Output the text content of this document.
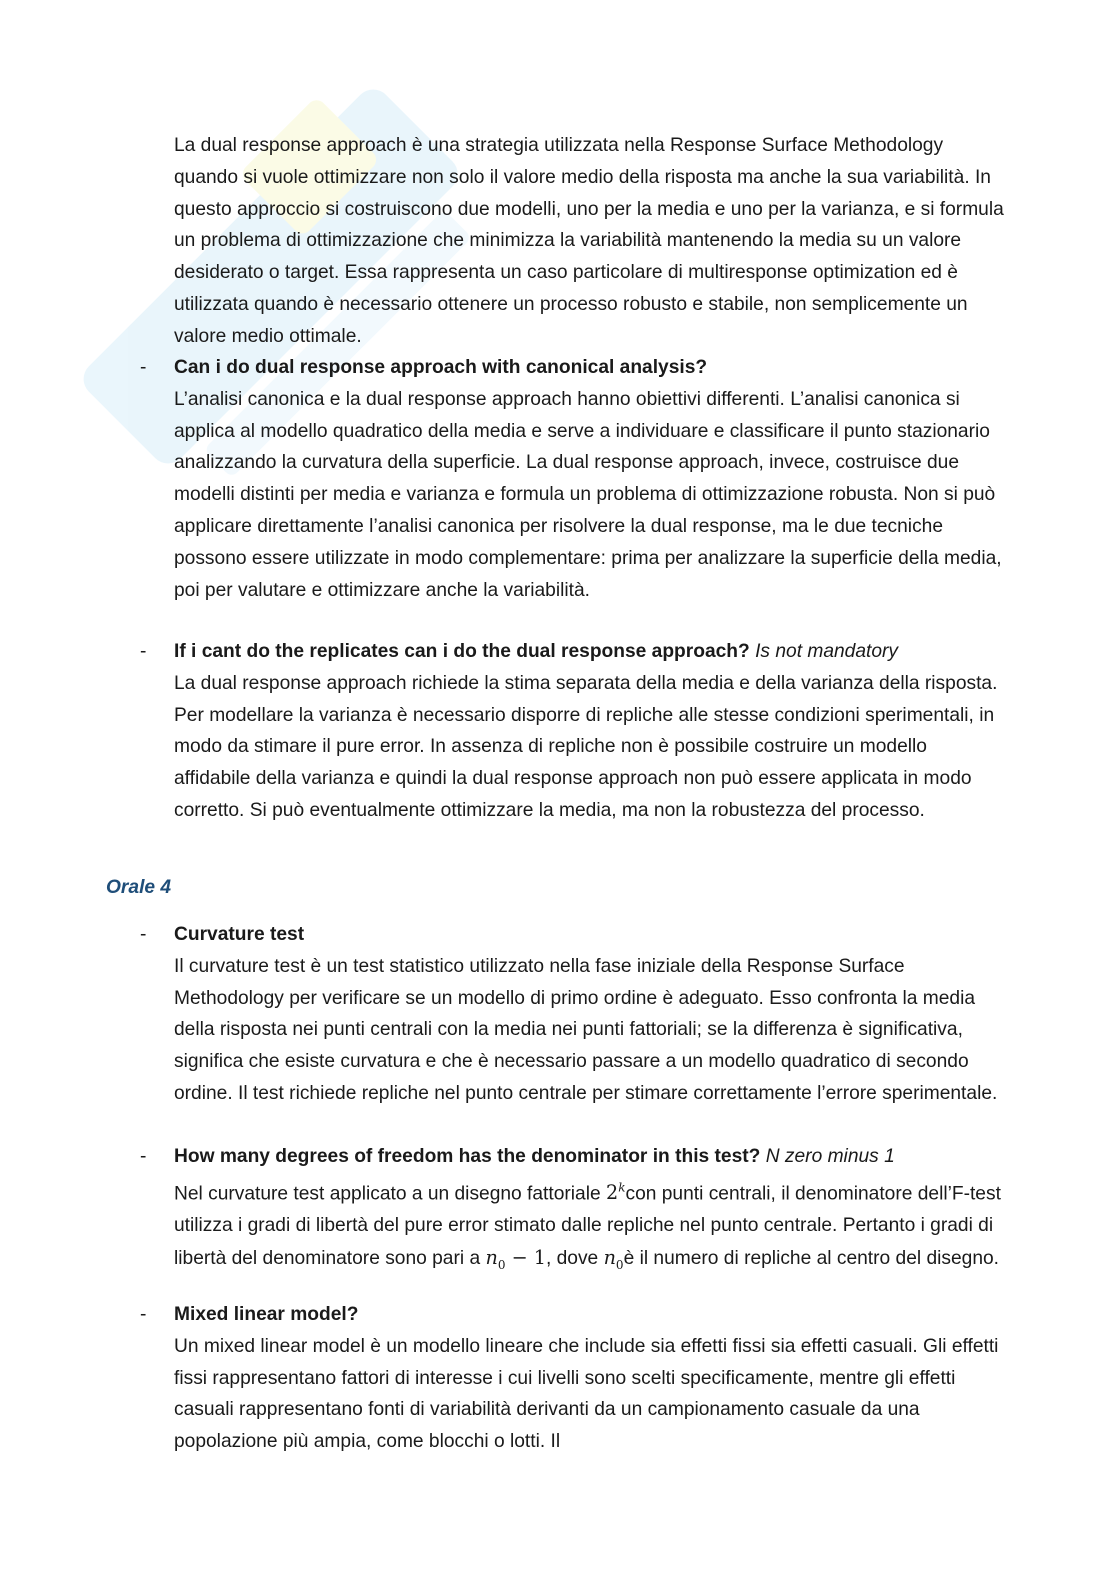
La dual response approach è una strategia utilizzata nella Response Surface Methodology quando si vuole ottimizzare non solo il valore medio della risposta ma anche la sua variabilità. In questo approccio si costruiscono due modelli, uno per la media e uno per la varianza, e si formula un problema di ottimizzazione che minimizza la variabilità mantenendo la media su un valore desiderato o target. Essa rappresenta un caso particolare di multiresponse optimization ed è utilizzata quando è necessario ottenere un processo robusto e stabile, non semplicemente un valore medio ottimale.

-	Can i do dual response approach with canonical analysis?
L’analisi canonica e la dual response approach hanno obiettivi differenti. L’analisi canonica si applica al modello quadratico della media e serve a individuare e classificare il punto stazionario analizzando la curvatura della superficie. La dual response approach, invece, costruisce due modelli distinti per media e varianza e formula un problema di ottimizzazione robusta. Non si può applicare direttamente l’analisi canonica per risolvere la dual response, ma le due tecniche possono essere utilizzate in modo complementare: prima per analizzare la superficie della media, poi per valutare e ottimizzare anche la variabilità.
-	If i cant do the replicates can i do the dual response approach? Is not mandatory
La dual response approach richiede la stima separata della media e della varianza della risposta. Per modellare la varianza è necessario disporre di repliche alle stesse condizioni sperimentali, in modo da stimare il pure error. In assenza di repliche non è possibile costruire un modello affidabile della varianza e quindi la dual response approach non può essere applicata in modo corretto. Si può eventualmente ottimizzare la media, ma non la robustezza del processo.
Orale 4
-	Curvature test
Il curvature test è un test statistico utilizzato nella fase iniziale della Response Surface Methodology per verificare se un modello di primo ordine è adeguato. Esso confronta la media della risposta nei punti centrali con la media nei punti fattoriali; se la differenza è significativa, significa che esiste curvatura e che è necessario passare a un modello quadratico di secondo ordine. Il test richiede repliche nel punto centrale per stimare correttamente l’errore sperimentale.
-	How many degrees of freedom has the denominator in this test? N zero minus 1
Nel curvature test applicato a un disegno fattoriale 2$^k$con punti centrali, il denominatore dell’F-test utilizza i gradi di libertà del pure error stimato dalle repliche nel punto centrale. Pertanto i gradi di libertà del denominatore sono pari a $n_0 - 1$, dove $n_0è$ il numero di repliche al centro del disegno.
-	Mixed linear model?
Un mixed linear model è un modello lineare che include sia effetti fissi sia effetti casuali. Gli effetti fissi rappresentano fattori di interesse i cui livelli sono scelti specificamente, mentre gli effetti casuali rappresentano fonti di variabilità derivanti da un campionamento casuale da una popolazione più ampia, come blocchi o lotti. Il
